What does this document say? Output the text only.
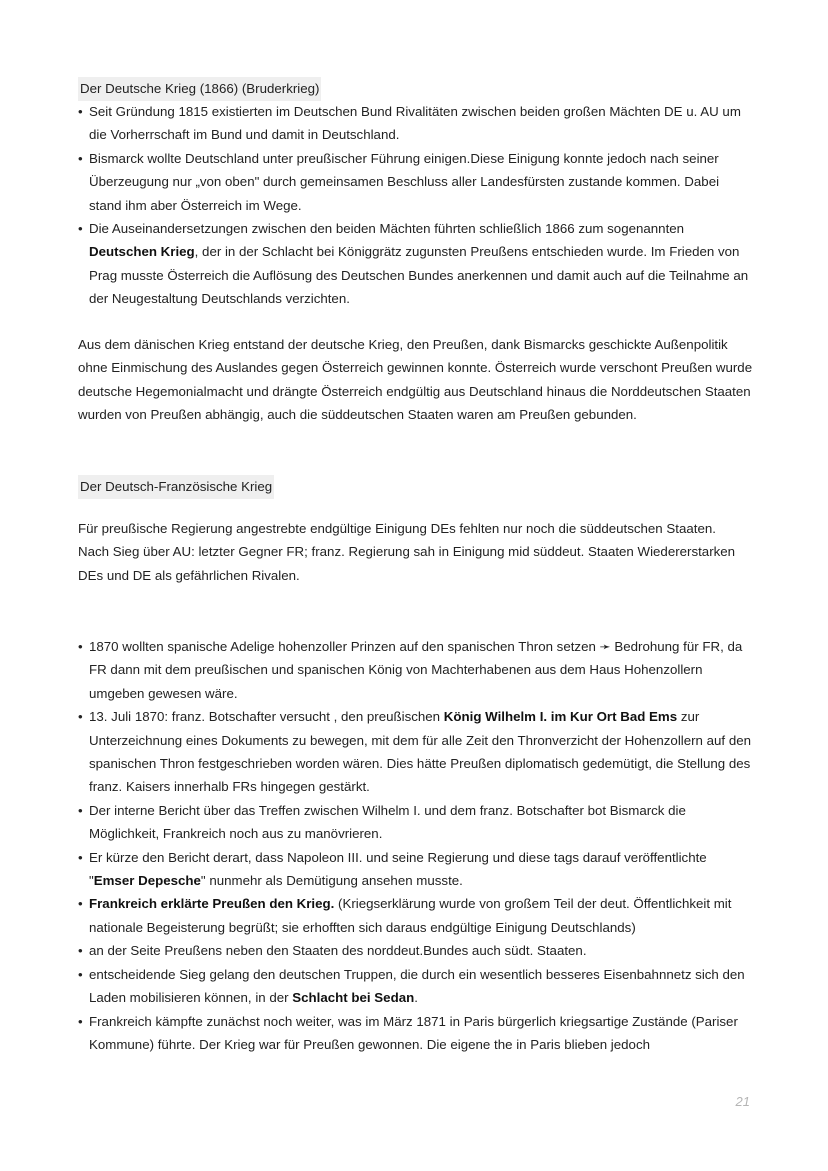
Der Deutsche Krieg (1866) (Bruderkrieg)
• Seit Gründung 1815 existierten im Deutschen Bund Rivalitäten zwischen beiden großen Mächten DE u. AU um die Vorherrschaft im Bund und damit in Deutschland.
• Bismarck wollte Deutschland unter preußischer Führung einigen.Diese Einigung konnte jedoch nach seiner Überzeugung nur „von oben" durch gemeinsamen Beschluss aller Landesfürsten zustande kommen. Dabei stand ihm aber Österreich im Wege.
• Die Auseinandersetzungen zwischen den beiden Mächten führten schließlich 1866 zum sogenannten Deutschen Krieg, der in der Schlacht bei Königgrätz zugunsten Preußens entschieden wurde. Im Frieden von Prag musste Österreich die Auflösung des Deutschen Bundes anerkennen und damit auch auf die Teilnahme an der Neugestaltung Deutschlands verzichten.

Aus dem dänischen Krieg entstand der deutsche Krieg, den Preußen, dank Bismarcks geschickte Außenpolitik ohne Einmischung des Auslandes gegen Österreich gewinnen konnte. Österreich wurde verschont Preußen wurde deutsche Hegemonialmacht und drängte Österreich endgültig aus Deutschland hinaus die Norddeutschen Staaten wurden von Preußen abhängig, auch die süddeutschen Staaten waren am Preußen gebunden.

Der Deutsch-Französische Krieg

Für preußische Regierung angestrebte endgültige Einigung DEs fehlten nur noch die süddeutschen Staaten.

Nach Sieg über AU: letzter Gegner FR; franz. Regierung sah in Einigung mid süddeut. Staaten Wiedererstarken DEs und DE als gefährlichen Rivalen.

• 1870 wollten spanische Adelige hohenzoller Prinzen auf den spanischen Thron setzen ➛ Bedrohung für FR, da FR dann mit dem preußischen und spanischen König von Machterhabenen aus dem Haus Hohenzollern umgeben gewesen wäre.
• 13. Juli 1870: franz. Botschafter versucht , den preußischen König Wilhelm I. im Kur Ort Bad Ems zur Unterzeichnung eines Dokuments zu bewegen, mit dem für alle Zeit den Thronverzicht der Hohenzollern auf den spanischen Thron festgeschrieben worden wären. Dies hätte Preußen diplomatisch gedemütigt, die Stellung des franz. Kaisers innerhalb FRs hingegen gestärkt.
• Der interne Bericht über das Treffen zwischen Wilhelm I. und dem franz. Botschafter bot Bismarck die Möglichkeit, Frankreich noch aus zu manövrieren.
• Er kürze den Bericht derart, dass Napoleon III. und seine Regierung und diese tags darauf veröffentlichte "Emser Depesche" nunmehr als Demütigung ansehen musste.
• Frankreich erklärte Preußen den Krieg. (Kriegserklärung wurde von großem Teil der deut. Öffentlichkeit mit nationale Begeisterung begrüßt; sie erhofften sich daraus endgültige Einigung Deutschlands)
• an der Seite Preußens neben den Staaten des norddeut.Bundes auch südt. Staaten.
• entscheidende Sieg gelang den deutschen Truppen, die durch ein wesentlich besseres Eisenbahnnetz sich den Laden mobilisieren können, in der Schlacht bei Sedan.
• Frankreich kämpfte zunächst noch weiter, was im März 1871 in Paris bürgerlich kriegsartige Zustände (Pariser Kommune) führte. Der Krieg war für Preußen gewonnen. Die eigene the in Paris blieben jedoch
21
